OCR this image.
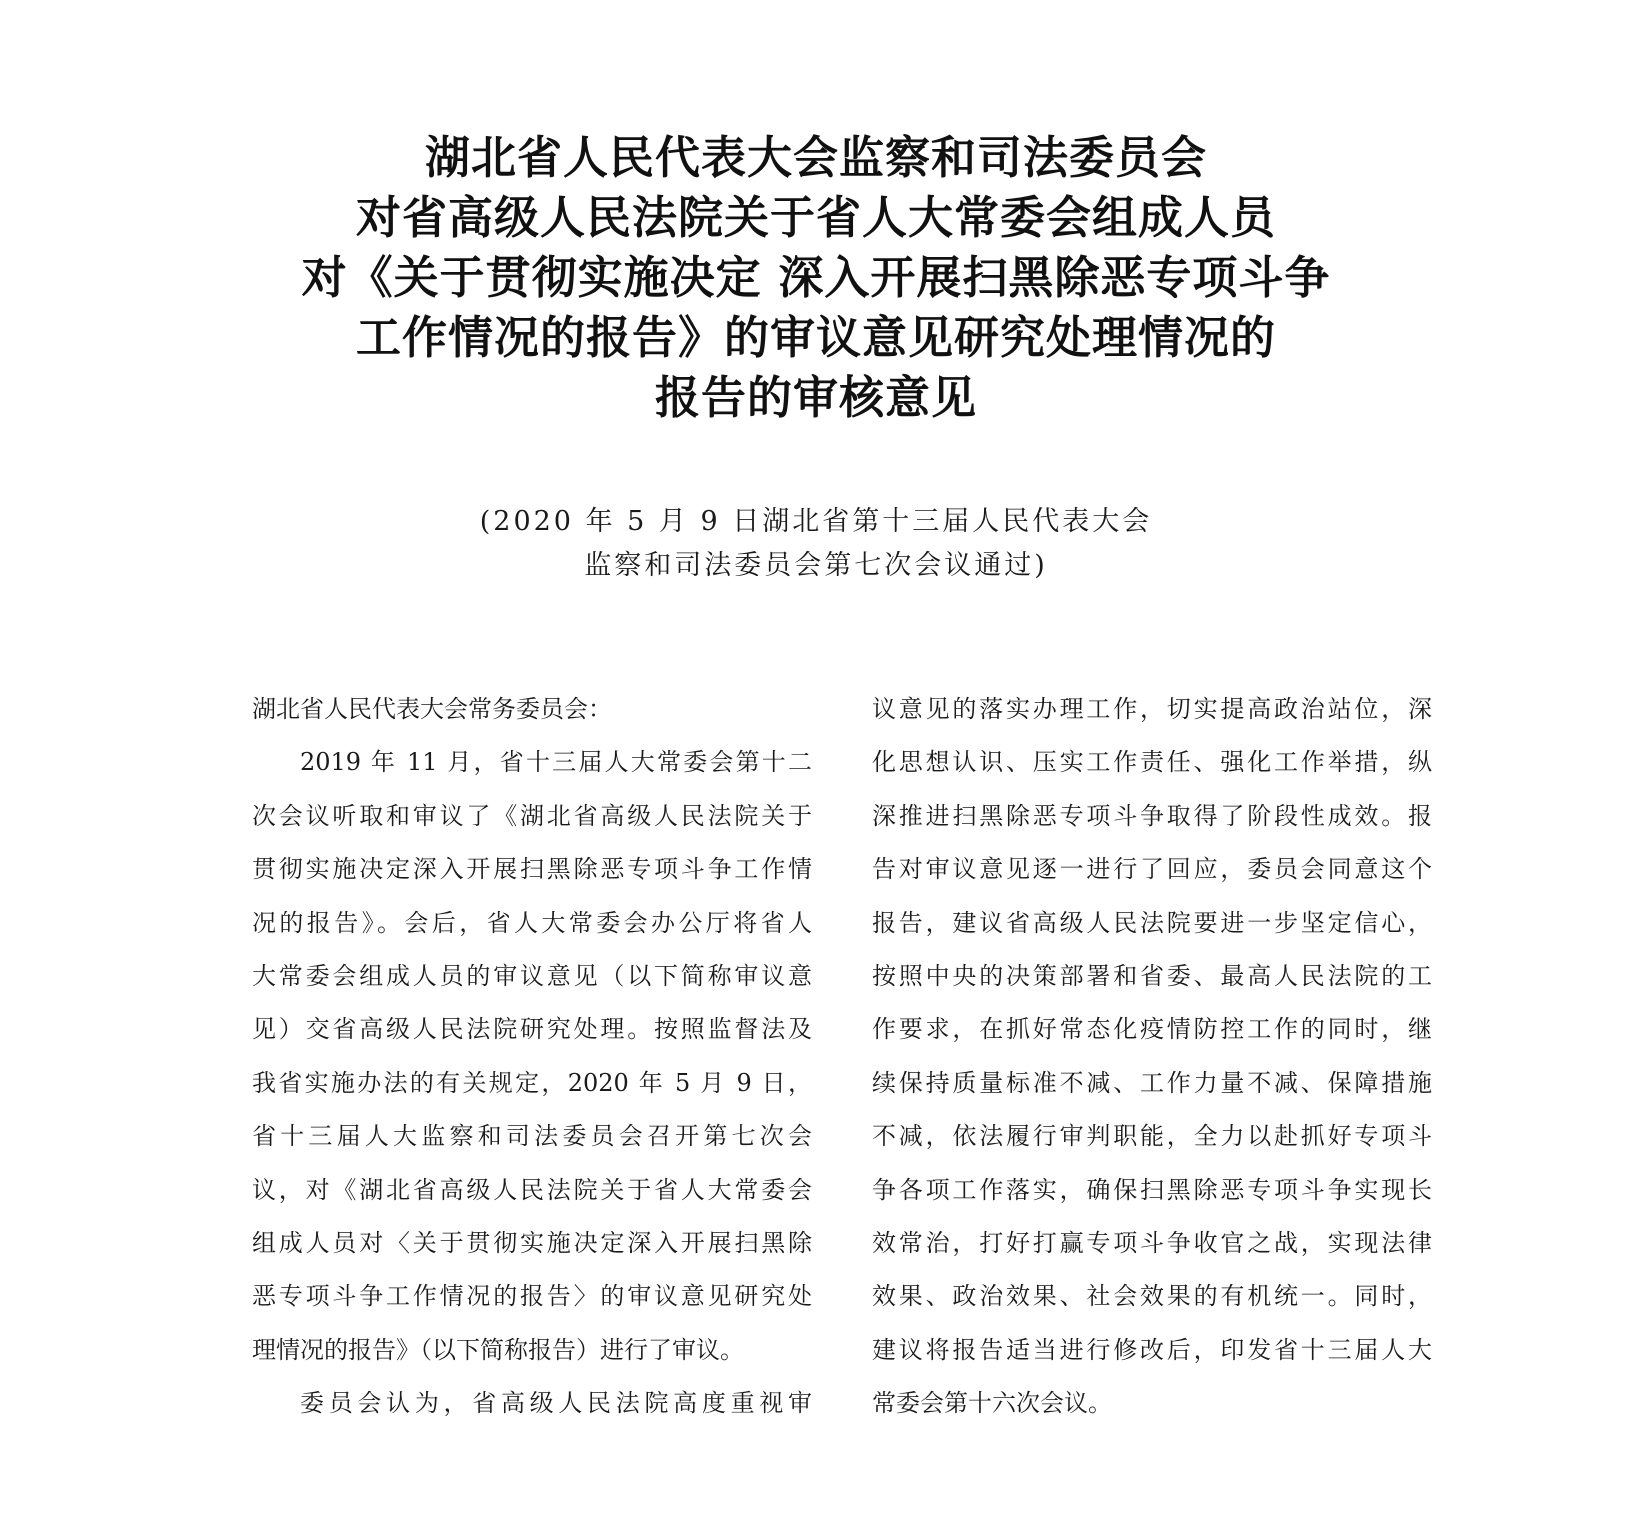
湖北省人民代表大会监察和司法委员会
对省高级人民法院关于省人大常委会组成人员
对《关于贯彻实施决定 深入开展扫黑除恶专项斗争
工作情况的报告》的审议意见研究处理情况的
报告的审核意见
(2020 年 5 月 9 日湖北省第十三届人民代表大会
监察和司法委员会第七次会议通过)
湖北省人民代表大会常务委员会：
2019 年 11 月，省十三届人大常委会第十二
次会议听取和审议了《湖北省高级人民法院关于
贯彻实施决定深入开展扫黑除恶专项斗争工作情
况的报告》。会后，省人大常委会办公厅将省人
大常委会组成人员的审议意见（以下简称审议意
见）交省高级人民法院研究处理。按照监督法及
我省实施办法的有关规定，2020 年 5 月 9 日，
省十三届人大监察和司法委员会召开第七次会
议，对《湖北省高级人民法院关于省人大常委会
组成人员对〈关于贯彻实施决定深入开展扫黑除
恶专项斗争工作情况的报告〉的审议意见研究处
理情况的报告》（以下简称报告）进行了审议。
委员会认为，省高级人民法院高度重视审
议意见的落实办理工作，切实提高政治站位，深
化思想认识、压实工作责任、强化工作举措，纵
深推进扫黑除恶专项斗争取得了阶段性成效。报
告对审议意见逐一进行了回应，委员会同意这个
报告，建议省高级人民法院要进一步坚定信心，
按照中央的决策部署和省委、最高人民法院的工
作要求，在抓好常态化疫情防控工作的同时，继
续保持质量标准不减、工作力量不减、保障措施
不减，依法履行审判职能，全力以赴抓好专项斗
争各项工作落实，确保扫黑除恶专项斗争实现长
效常治，打好打赢专项斗争收官之战，实现法律
效果、政治效果、社会效果的有机统一。同时，
建议将报告适当进行修改后，印发省十三届人大
常委会第十六次会议。
